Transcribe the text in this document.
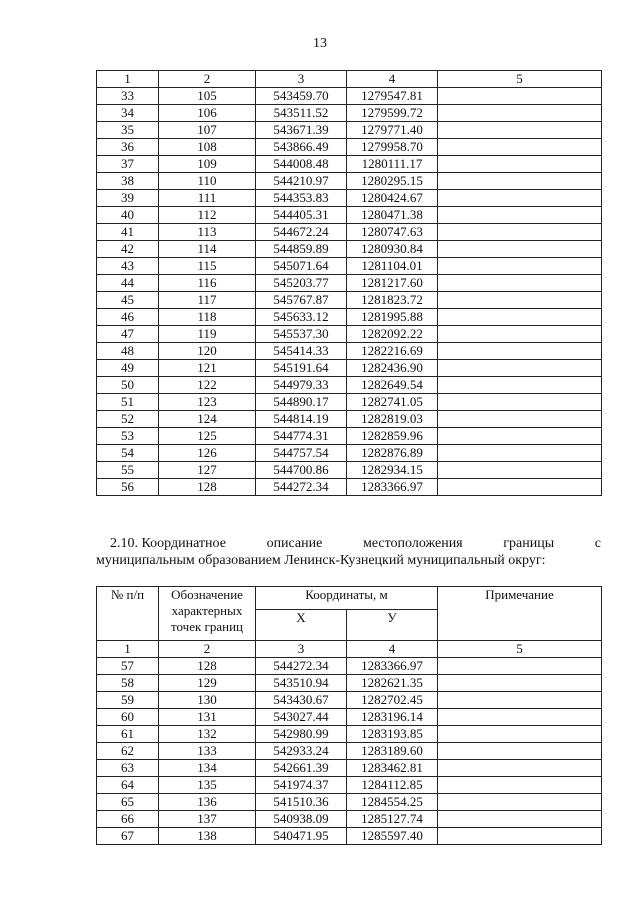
13
1	2	3	4	5
33	105	543459.70	1279547.81	
34	106	543511.52	1279599.72	
35	107	543671.39	1279771.40	
36	108	543866.49	1279958.70	
37	109	544008.48	1280111.17	
38	110	544210.97	1280295.15	
39	111	544353.83	1280424.67	
40	112	544405.31	1280471.38	
41	113	544672.24	1280747.63	
42	114	544859.89	1280930.84	
43	115	545071.64	1281104.01	
44	116	545203.77	1281217.60	
45	117	545767.87	1281823.72	
46	118	545633.12	1281995.88	
47	119	545537.30	1282092.22	
48	120	545414.33	1282216.69	
49	121	545191.64	1282436.90	
50	122	544979.33	1282649.54	
51	123	544890.17	1282741.05	
52	124	544814.19	1282819.03	
53	125	544774.31	1282859.96	
54	126	544757.54	1282876.89	
55	127	544700.86	1282934.15	
56	128	544272.34	1283366.97	
2.10. Координатное	описание	местоположения	границы	с
муниципальным образованием Ленинск-Кузнецкий муниципальный округ:
№ п/п	Обозначение характерных точек границ	Координаты, м		Примечание
		Х	У	
1	2	3	4	5
57	128	544272.34	1283366.97	
58	129	543510.94	1282621.35	
59	130	543430.67	1282702.45	
60	131	543027.44	1283196.14	
61	132	542980.99	1283193.85	
62	133	542933.24	1283189.60	
63	134	542661.39	1283462.81	
64	135	541974.37	1284112.85	
65	136	541510.36	1284554.25	
66	137	540938.09	1285127.74	
67	138	540471.95	1285597.40	
